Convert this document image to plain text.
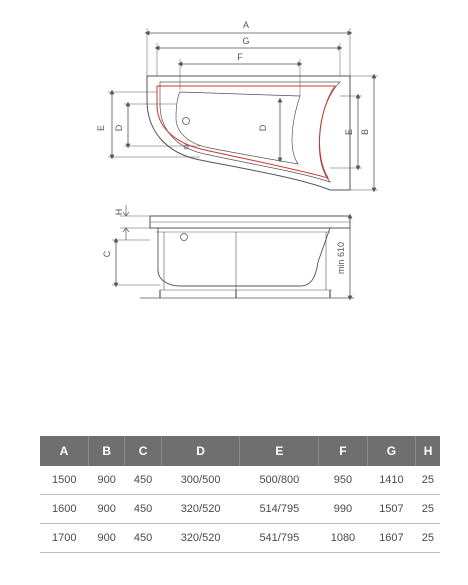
A
G
F
E D	D
E B
H
C	min 610
A	B	C	D	E	F	G	H
1500	900	450	300/500	500/800	950	1410	25
1600	900	450	320/520	514/795	990	1507	25
1700	900	450	320/520	541/795	1080	1607	25
